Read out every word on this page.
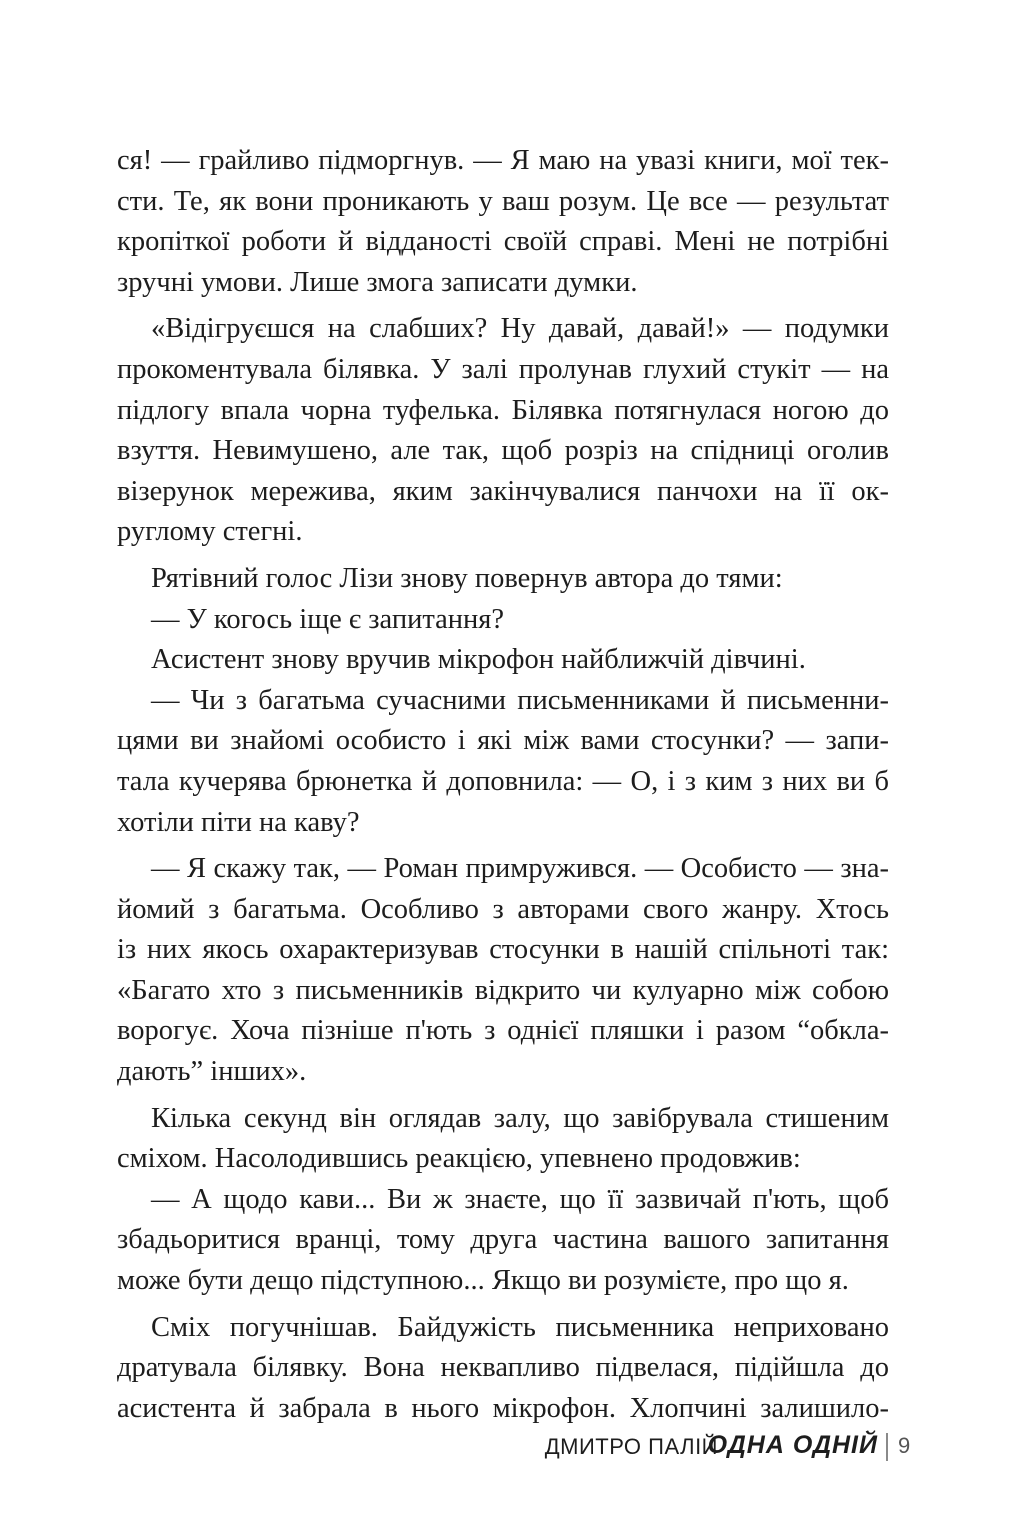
ся! — грайливо підморгнув. — Я маю на увазі книги, мої тек-
сти. Те, як вони проникають у ваш розум. Це все — результат
кропіткої роботи й відданості своїй справі. Мені не потрібні
зручні умови. Лише змога записати думки.

«Відігруєшся на слабших? Ну давай, давай!» — подумки
прокоментувала білявка. У залі пролунав глухий стукіт — на
підлогу впала чорна туфелька. Білявка потягнулася ногою до
взуття. Невимушено, але так, щоб розріз на спідниці оголив
візерунок мережива, яким закінчувалися панчохи на її ок-
руглому стегні.

Рятівний голос Лізи знову повернув автора до тями:

— У когось іще є запитання?

Асистент знову вручив мікрофон найближчій дівчині.

— Чи з багатьма сучасними письменниками й письменни-
цями ви знайомі особисто і які між вами стосунки? — запи-
тала кучерява брюнетка й доповнила: — О, і з ким з них ви б
хотіли піти на каву?

— Я скажу так, — Роман примружився. — Особисто — зна-
йомий з багатьма. Особливо з авторами свого жанру. Хтось
із них якось охарактеризував стосунки в нашій спільноті так:
«Багато хто з письменників відкрито чи кулуарно між собою
ворогує. Хоча пізніше п'ють з однієї пляшки і разом “обкла-
дають” інших».

Кілька секунд він оглядав залу, що завібрувала стишеним
сміхом. Насолодившись реакцією, упевнено продовжив:

— А щодо кави... Ви ж знаєте, що її зазвичай п'ють, щоб
збадьоритися вранці, тому друга частина вашого запитання
може бути дещо підступною... Якщо ви розумієте, про що я.

Сміх погучнішав. Байдужість письменника неприховано
дратувала білявку. Вона неквапливо підвелася, підійшла до
асистента й забрала в нього мікрофон. Хлопчині залишило-

ДМИТРО ПАЛІЙ
ОДНА ОДНІЙ 9
